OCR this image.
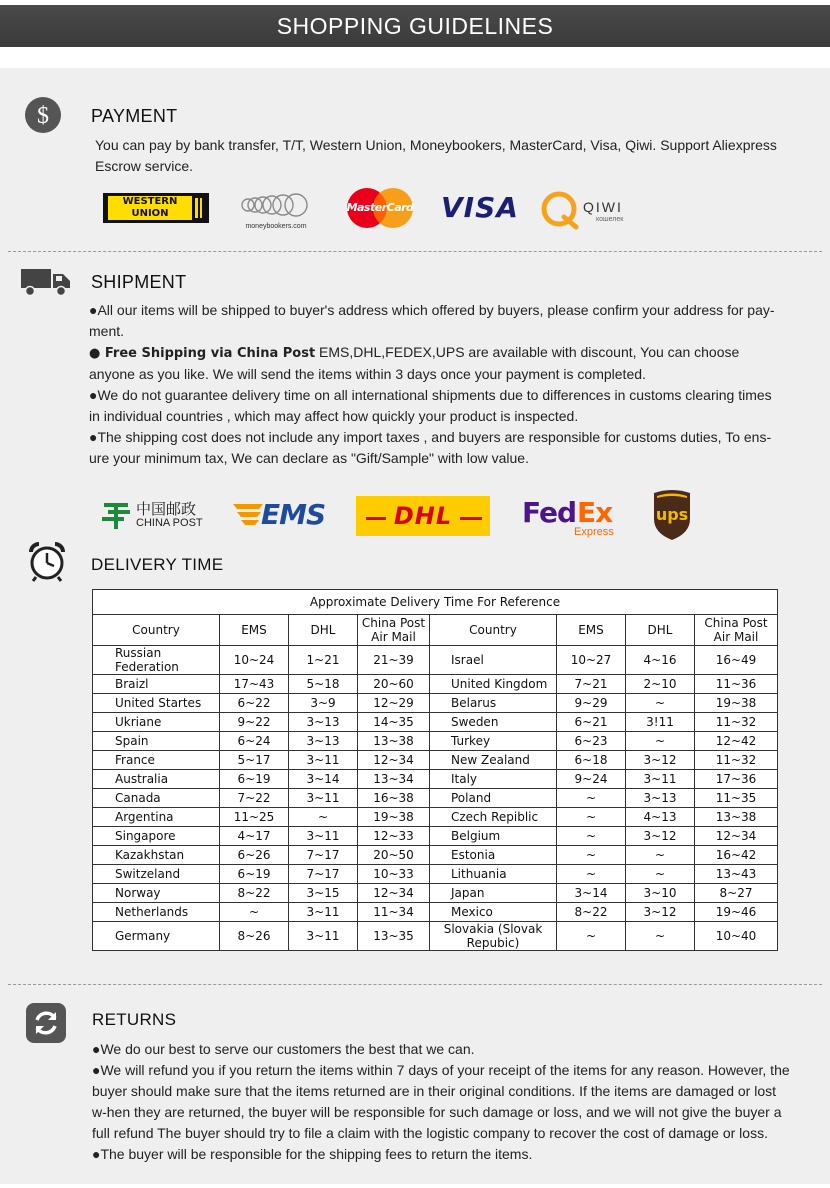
SHOPPING GUIDELINES
$ PAYMENT
You can pay by bank transfer, T/T, Western Union, Moneybookers, MasterCard, Visa, Qiwi. Support Aliexpress Escrow service.
WESTERN
UNION
moneybookers.com
MasterCard VISA	QIWI
кошелек
SHIPMENT

●All our items will be shipped to buyer's address which offered by buyers, please confirm your address for pay-ment.

● Free Shipping via China Post EMS,DHL,FEDEX,UPS are available with discount, You can choose anyone as you like. We will send the items within 3 days once your payment is completed.

●We do not guarantee delivery time on all international shipments due to differences in customs clearing times in individual countries , which may affect how quickly your product is inspected.

●The shipping cost does not include any import taxes , and buyers are responsible for customs duties, To ens-ure your minimum tax, We can declare as "Gift/Sample" with low value.

中国邮政
CHINA POST EMS	DHL	Fed Ex
Express
ups
DELIVERY TIME
Approximate Delivery Time For Reference							
Country	EMS	DHL	China Post Air Mail	Country	EMS	DHL	China Post Air Mail
Russian Federation	10~24	1~21	21~39	Israel	10~27	4~16	16~49
Braizl	17~43	5~18	20~60	United Kingdom	7~21	2~10	11~36
United Startes	6~22	3~9	12~29	Belarus	9~29	~	19~38
Ukriane	9~22	3~13	14~35	Sweden	6~21	3!11	11~32
Spain	6~24	3~13	13~38	Turkey	6~23	~	12~42
France	5~17	3~11	12~34	New Zealand	6~18	3~12	11~32
Australia	6~19	3~14	13~34	Italy	9~24	3~11	17~36
Canada	7~22	3~11	16~38	Poland	~	3~13	11~35
Argentina	11~25	~	19~38	Czech Repiblic	~	4~13	13~38
Singapore	4~17	3~11	12~33	Belgium	~	3~12	12~34
Kazakhstan	6~26	7~17	20~50	Estonia	~	~	16~42
Switzeland	6~19	7~17	10~33	Lithuania	~	~	13~43
Norway	8~22	3~15	12~34	Japan	3~14	3~10	8~27
Netherlands	~	3~11	11~34	Mexico	8~22	3~12	19~46
Germany	8~26	3~11	13~35	Slovakia (Slovak Repubic)	~	~	10~40
RETURNS

●We do our best to serve our customers the best that we can.

●We will refund you if you return the items within 7 days of your receipt of the items for any reason. However, the buyer should make sure that the items returned are in their original conditions. If the items are damaged or lost w-hen they are returned, the buyer will be responsible for such damage or loss, and we will not give the buyer a full refund The buyer should try to file a claim with the logistic company to recover the cost of damage or loss.

●The buyer will be responsible for the shipping fees to return the items.
